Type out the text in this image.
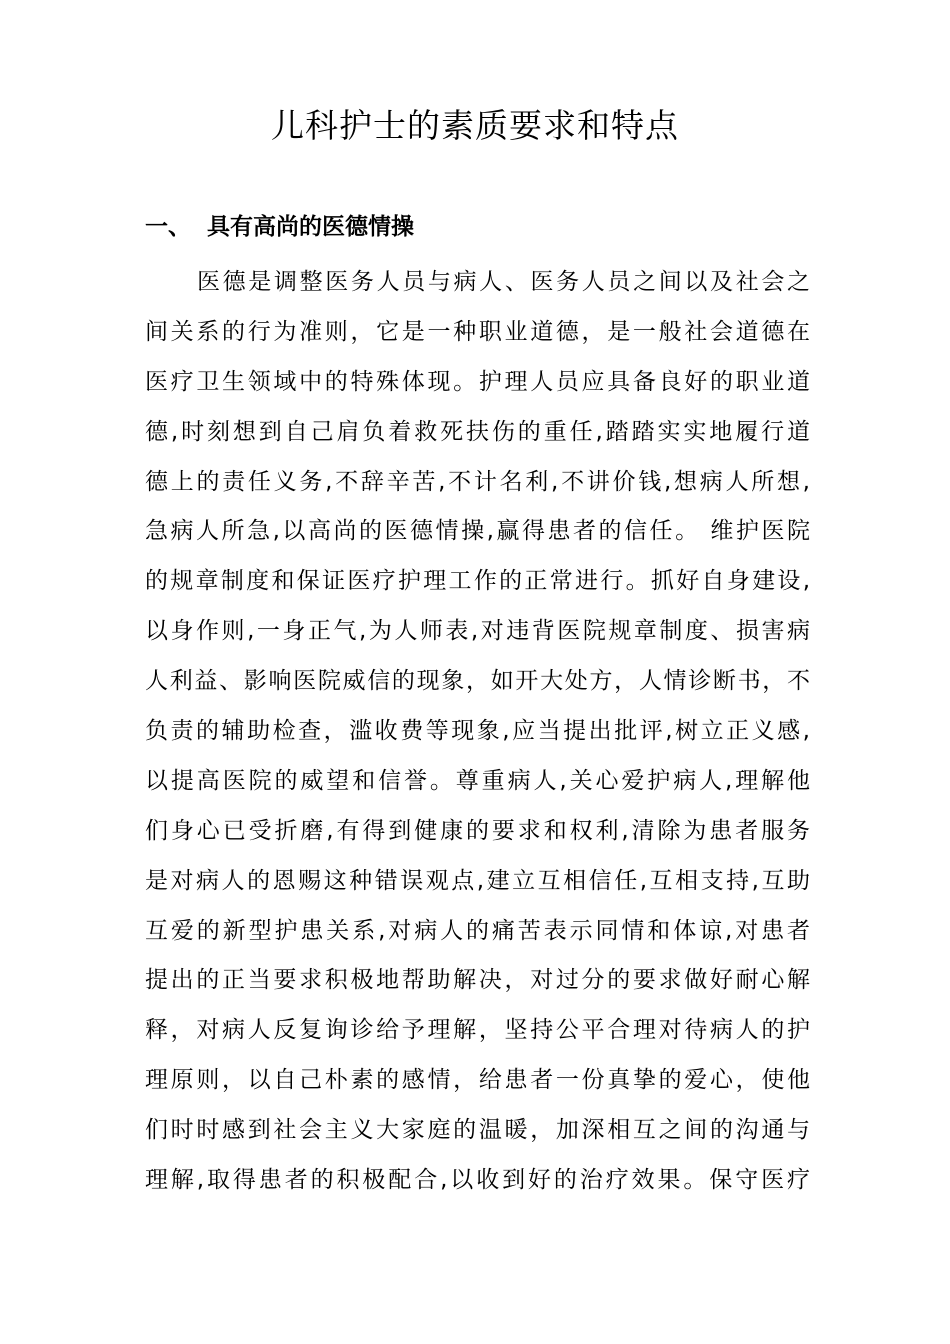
儿科护士的素质要求和特点
一、 具有高尚的医德情操
医德是调整医务人员与病人、医务人员之间以及社会之
间关系的行为准则，它是一种职业道德，是一般社会道德在
医疗卫生领域中的特殊体现。护理人员应具备良好的职业道
德,时刻想到自己肩负着救死扶伤的重任,踏踏实实地履行道
德上的责任义务,不辞辛苦,不计名利,不讲价钱,想病人所想,
急病人所急,以高尚的医德情操,赢得患者的信任。 维护医院
的规章制度和保证医疗护理工作的正常进行。抓好自身建设,
以身作则,一身正气,为人师表,对违背医院规章制度、损害病
人利益、影响医院威信的现象，如开大处方，人情诊断书，不
负责的辅助检查，滥收费等现象,应当提出批评,树立正义感,
以提高医院的威望和信誉。尊重病人,关心爱护病人,理解他
们身心已受折磨,有得到健康的要求和权利,清除为患者服务
是对病人的恩赐这种错误观点,建立互相信任,互相支持,互助
互爱的新型护患关系,对病人的痛苦表示同情和体谅,对患者
提出的正当要求积极地帮助解决，对过分的要求做好耐心解
释，对病人反复询诊给予理解，坚持公平合理对待病人的护
理原则，以自己朴素的感情，给患者一份真挚的爱心，使他
们时时感到社会主义大家庭的温暖，加深相互之间的沟通与
理解,取得患者的积极配合,以收到好的治疗效果。保守医疗
